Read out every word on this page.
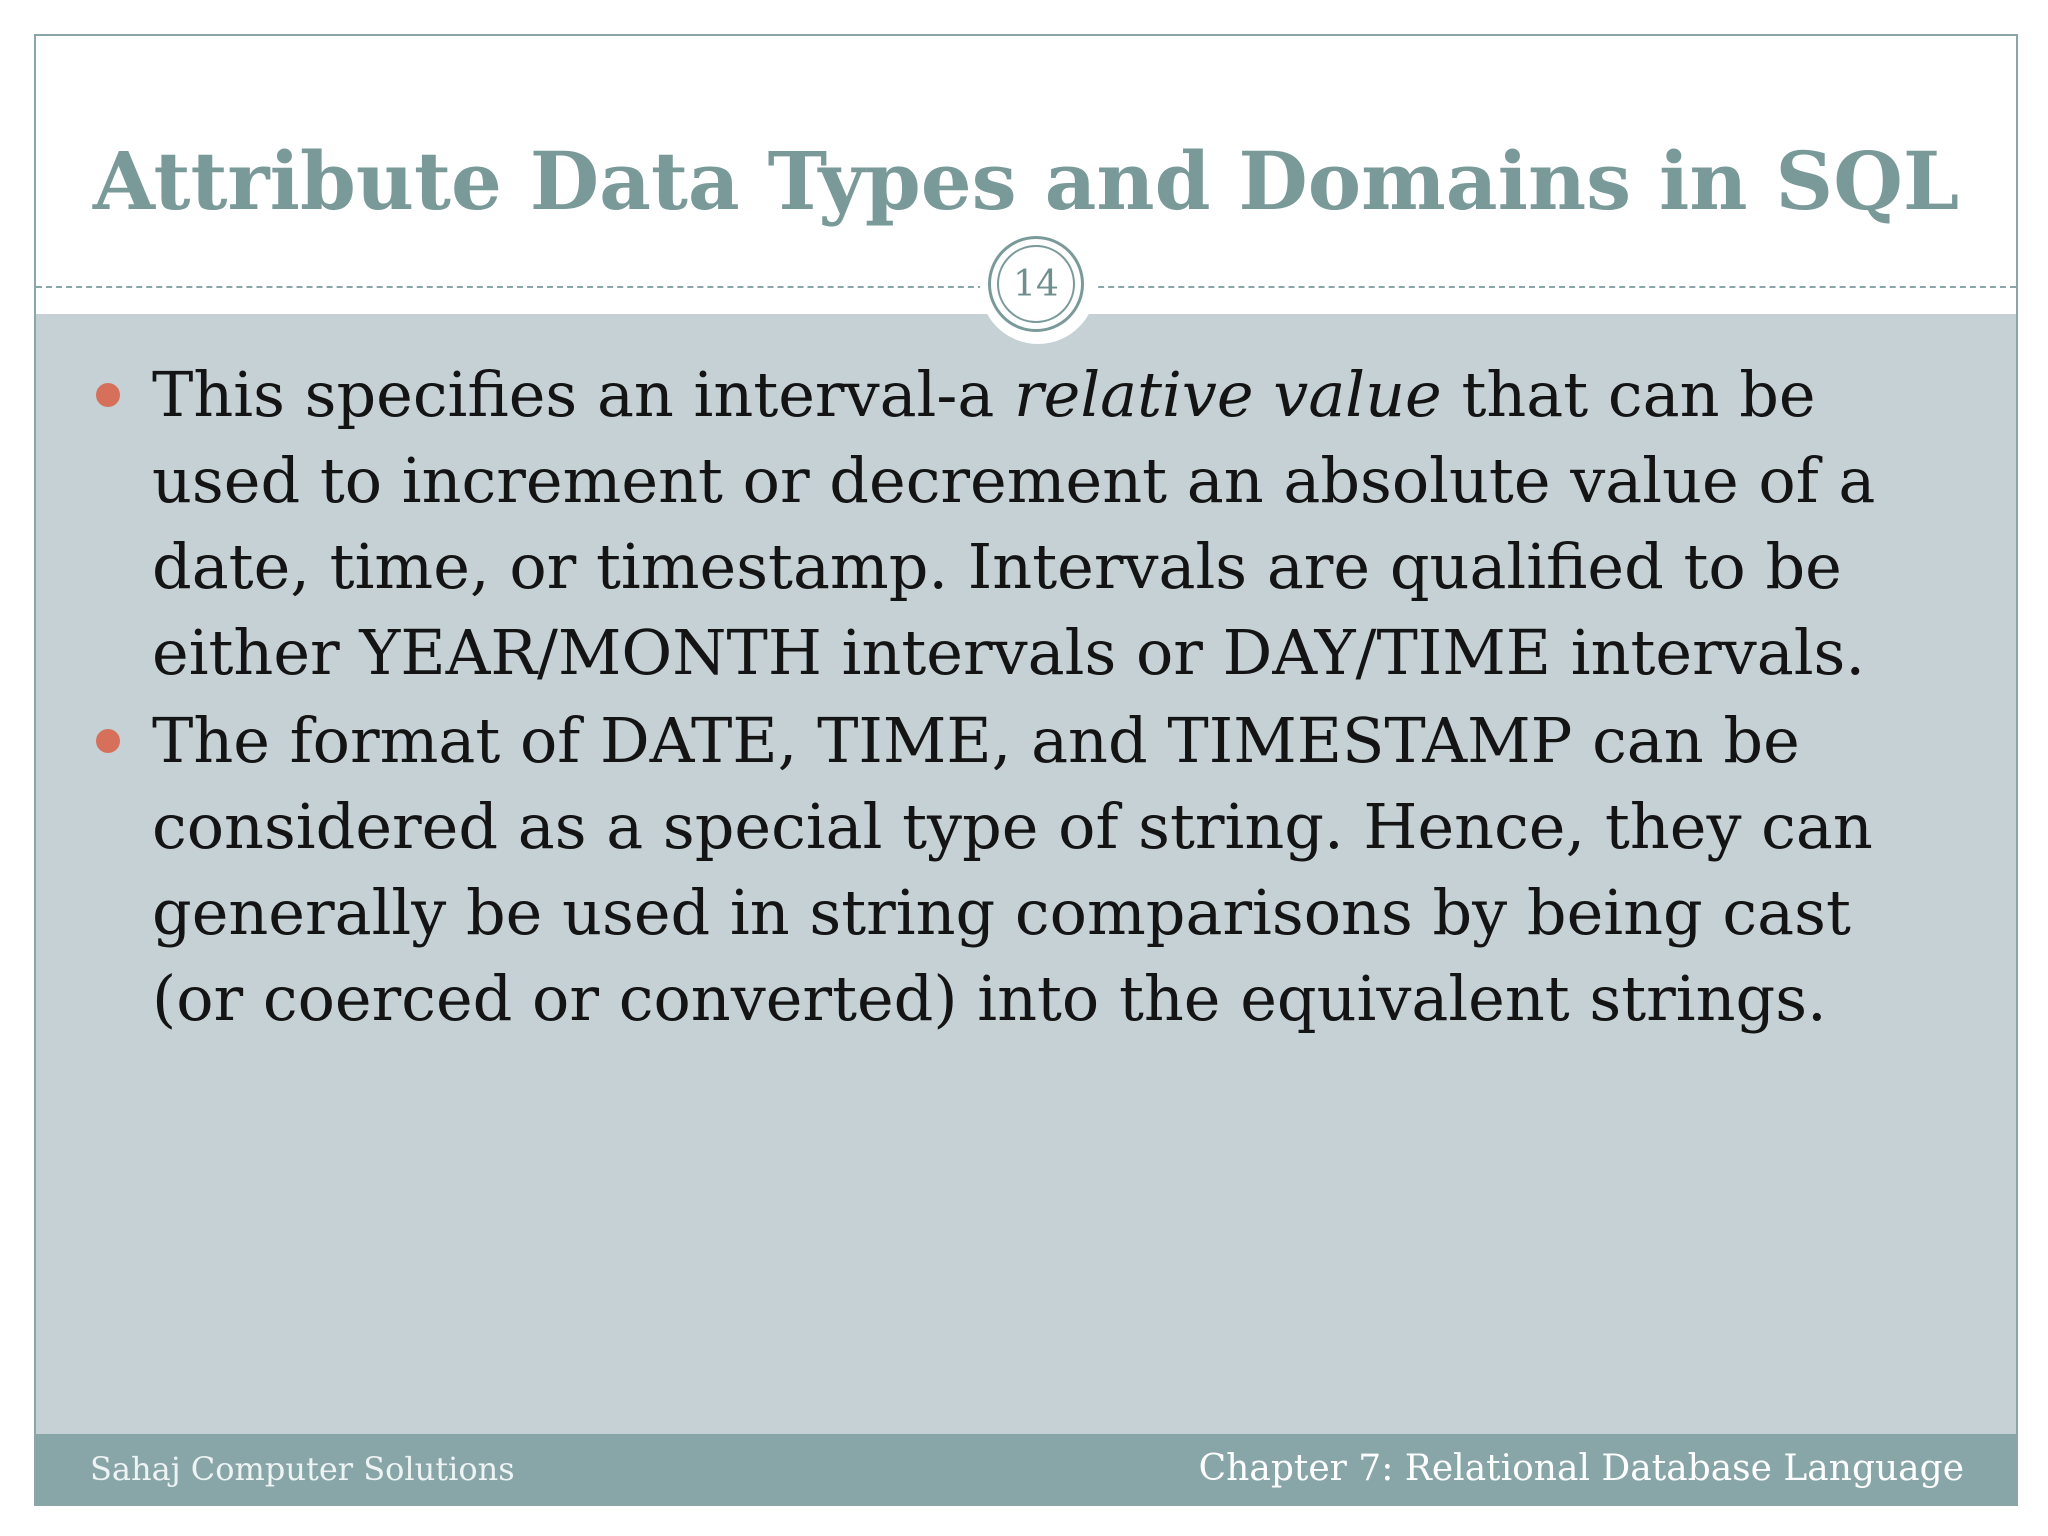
Attribute Data Types and Domains in SQL
14
This specifies an interval-a relative value that can be used to increment or decrement an absolute value of a date, time, or timestamp. Intervals are qualified to be either YEAR/MONTH intervals or DAY/TIME intervals.
The format of DATE, TIME, and TIMESTAMP can be considered as a special type of string. Hence, they can generally be used in string comparisons by being cast (or coerced or converted) into the equivalent strings.
Sahaj Computer Solutions	Chapter 7: Relational Database Language
